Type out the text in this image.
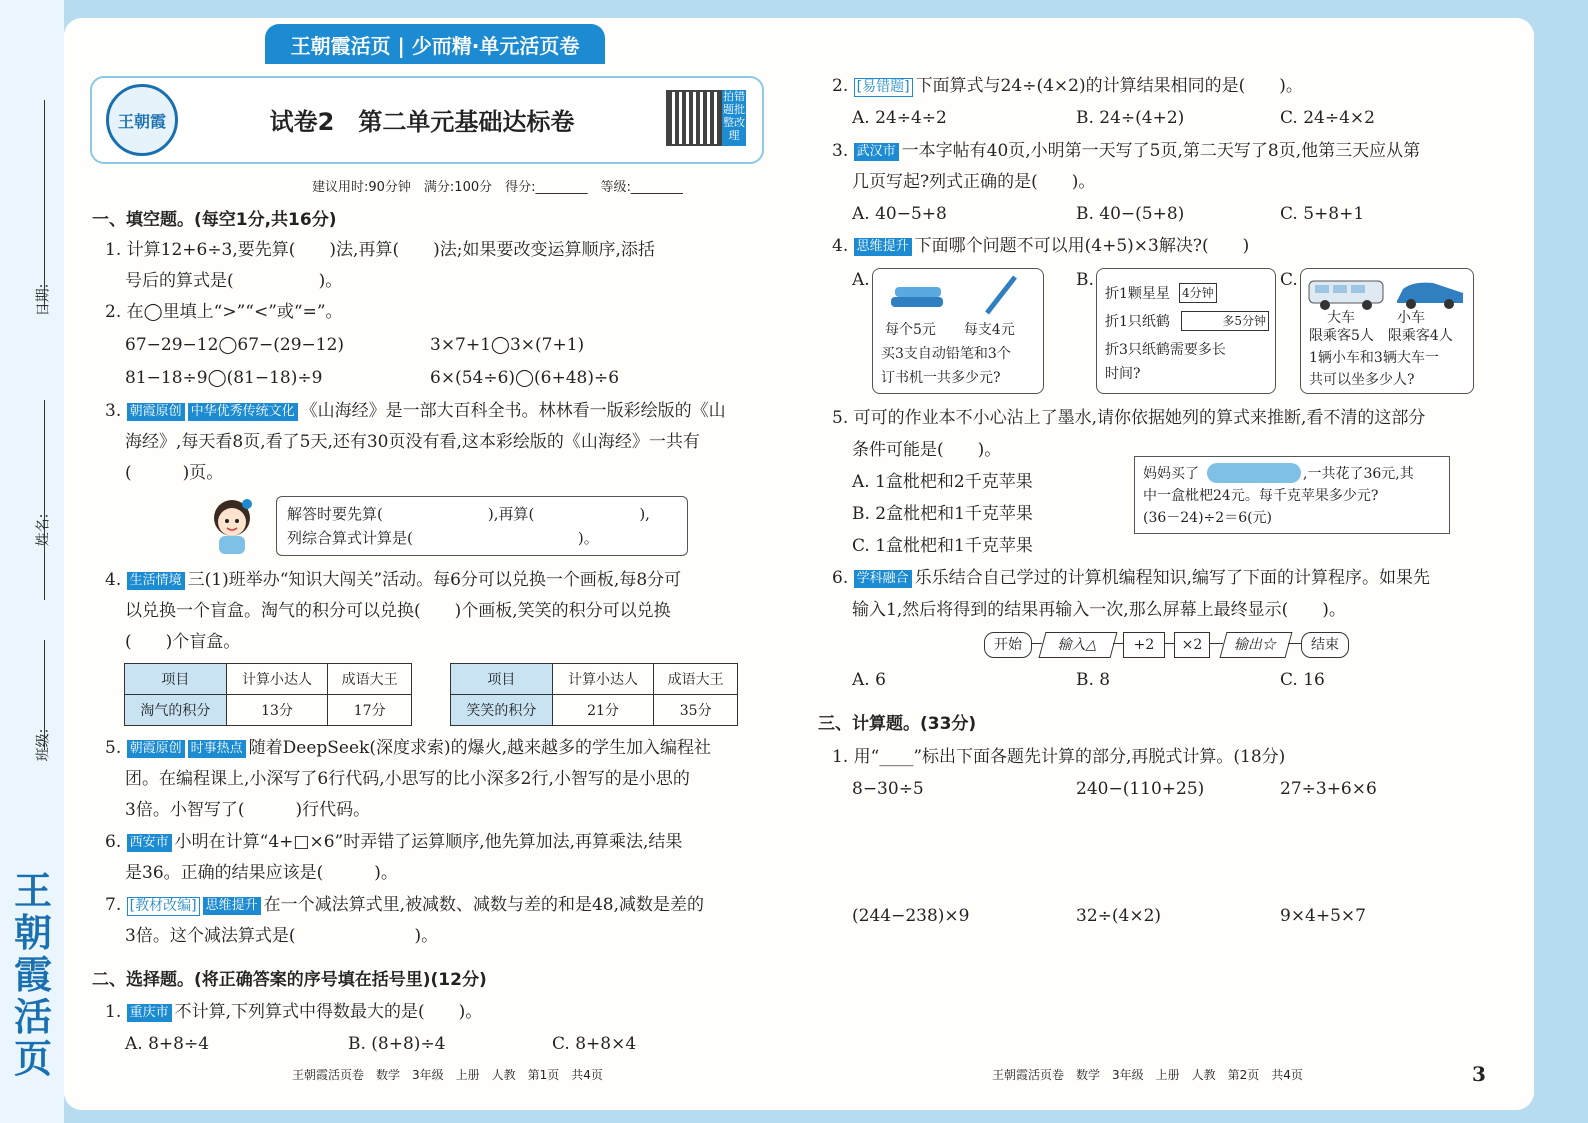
日期:
姓名:
班级:
王朝霞活页
王朝霞活页 | 少而精·单元活页卷
王朝霞	试卷2　第二单元基础达标卷
拍错题批整改理
建议用时:90分钟　满分:100分　得分:________　等级:________
一、填空题。(每空1分,共16分)
1. 计算12+6÷3,要先算(　　)法,再算(　　)法;如果要改变运算顺序,添括
号后的算式是(　　　　　)。
2. 在◯里填上“>”“<”或“=”。
67−29−12◯67−(29−12)	3×7+1◯3×(7+1)
81−18÷9◯(81−18)÷9	6×(54÷6)◯(6+48)÷6
3. 朝霞原创 中华优秀传统文化 《山海经》是一部大百科全书。林林看一版彩绘版的《山
海经》,每天看8页,看了5天,还有30页没有看,这本彩绘版的《山海经》一共有
(　　　)页。
解答时要先算(　　　　　　　),再算(　　　　　　　),
列综合算式计算是(　　　　　　　　　　　)。
4. 生活情境 三(1)班举办“知识大闯关”活动。每6分可以兑换一个画板,每8分可
以兑换一个盲盒。淘气的积分可以兑换(　　)个画板,笑笑的积分可以兑换
(　　)个盲盒。
项目	计算小达人	成语大王
淘气的积分	13分	17分
项目	计算小达人	成语大王
笑笑的积分	21分	35分
5. 朝霞原创 时事热点 随着DeepSeek(深度求索)的爆火,越来越多的学生加入编程社
团。在编程课上,小深写了6行代码,小思写的比小深多2行,小智写的是小思的
3倍。小智写了(　　　)行代码。
6. 西安市 小明在计算“4+□×6”时弄错了运算顺序,他先算加法,再算乘法,结果
是36。正确的结果应该是(　　　)。
7. [教材改编] 思维提升 在一个减法算式里,被减数、减数与差的和是48,减数是差的
3倍。这个减法算式是(　　　　　　　)。
二、选择题。(将正确答案的序号填在括号里)(12分)
1. 重庆市 不计算,下列算式中得数最大的是(　　)。
A. 8+8÷4	B. (8+8)÷4	C. 8+8×4
王朝霞活页卷　数学　3年级　上册　人教　第1页　共4页
2. [易错题] 下面算式与24÷(4×2)的计算结果相同的是(　　)。
A. 24÷4÷2	B. 24÷(4+2)	C. 24÷4×2
3. 武汉市 一本字帖有40页,小明第一天写了5页,第二天写了8页,他第三天应从第
几页写起?列式正确的是(　　)。
A. 40−5+8	B. 40−(5+8)	C. 5+8+1
4. 思维提升 下面哪个问题不可以用(4+5)×3解决?(　　)
A.
每个5元　　每支4元
买3支自动铅笔和3个
订书机一共多少元?
B.
折1颗星星 4分钟
折1只纸鹤	多5分钟
折3只纸鹤需要多长
时间?
C.
大车　　　小车
限乘客5人　限乘客4人
1辆小车和3辆大车一
共可以坐多少人?
5. 可可的作业本不小心沾上了墨水,请你依据她列的算式来推断,看不清的这部分
条件可能是(　　)。
A. 1盒枇杷和2千克苹果
B. 2盒枇杷和1千克苹果
C. 1盒枇杷和1千克苹果
妈妈买了	,一共花了36元,其
中一盒枇杷24元。每千克苹果多少元?
(36－24)÷2＝6(元)
6. 学科融合 乐乐结合自己学过的计算机编程知识,编写了下面的计算程序。如果先
输入1,然后将得到的结果再输入一次,那么屏幕上最终显示(　　)。
开始	输入△	+2	×2	输出☆	结束
A. 6	B. 8	C. 16
三、计算题。(33分)
1. 用“____”标出下面各题先计算的部分,再脱式计算。(18分)
8−30÷5	240−(110+25)	27÷3+6×6
(244−238)×9	32÷(4×2)	9×4+5×7
王朝霞活页卷　数学　3年级　上册　人教　第2页　共4页	3
